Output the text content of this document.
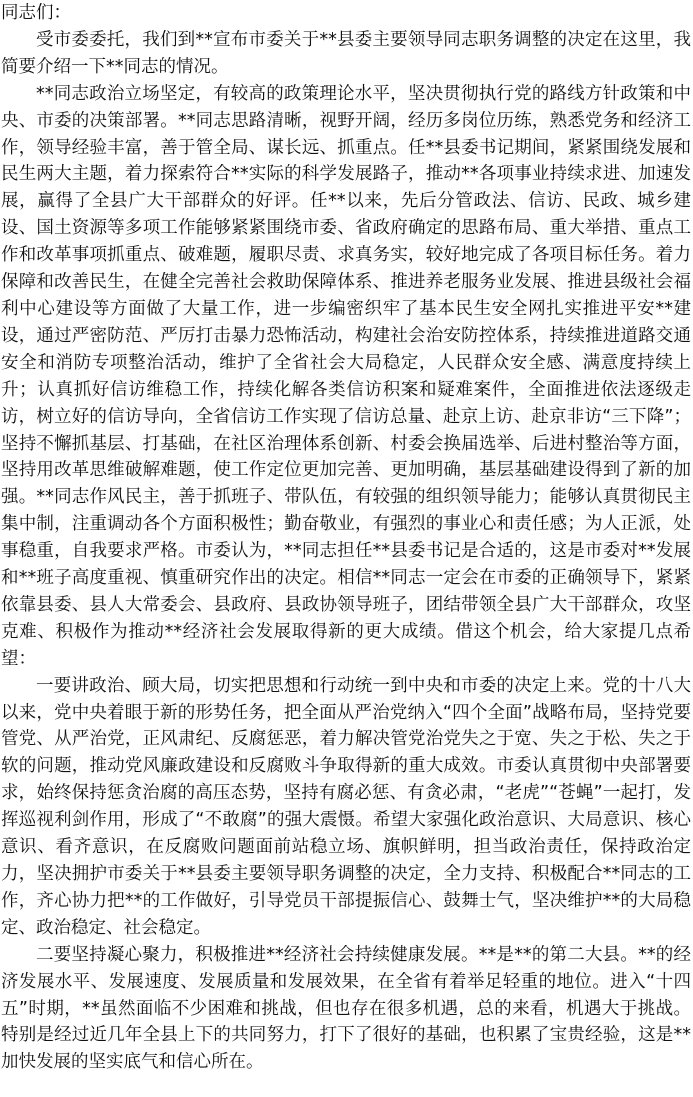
同志们：

受市委委托，我们到**宣布市委关于**县委主要领导同志职务调整的决定在这里，我简要介绍一下**同志的情况。

**同志政治立场坚定，有较高的政策理论水平，坚决贯彻执行党的路线方针政策和中央、市委的决策部署。**同志思路清晰，视野开阔，经历多岗位历练，熟悉党务和经济工作，领导经验丰富，善于管全局、谋长远、抓重点。任**县委书记期间，紧紧围绕发展和民生两大主题，着力探索符合**实际的科学发展路子，推动**各项事业持续求进、加速发展，赢得了全县广大干部群众的好评。任**以来，先后分管政法、信访、民政、城乡建设、国土资源等多项工作能够紧紧围绕市委、省政府确定的思路布局、重大举措、重点工作和改革事项抓重点、破难题，履职尽责、求真务实，较好地完成了各项目标任务。着力保障和改善民生，在健全完善社会救助保障体系、推进养老服务业发展、推进县级社会福利中心建设等方面做了大量工作，进一步编密织牢了基本民生安全网扎实推进平安**建设，通过严密防范、严厉打击暴力恐怖活动，构建社会治安防控体系，持续推进道路交通安全和消防专项整治活动，维护了全省社会大局稳定，人民群众安全感、满意度持续上升；认真抓好信访维稳工作，持续化解各类信访积案和疑难案件，全面推进依法逐级走访，树立好的信访导向，全省信访工作实现了信访总量、赴京上访、赴京非访“三下降”；坚持不懈抓基层、打基础，在社区治理体系创新、村委会换届选举、后进村整治等方面，坚持用改革思维破解难题，使工作定位更加完善、更加明确，基层基础建设得到了新的加强。**同志作风民主，善于抓班子、带队伍，有较强的组织领导能力；能够认真贯彻民主集中制，注重调动各个方面积极性；勤奋敬业，有强烈的事业心和责任感；为人正派，处事稳重，自我要求严格。市委认为，**同志担任**县委书记是合适的，这是市委对**发展和**班子高度重视、慎重研究作出的决定。相信**同志一定会在市委的正确领导下，紧紧依靠县委、县人大常委会、县政府、县政协领导班子，团结带领全县广大干部群众，攻坚克难、积极作为推动**经济社会发展取得新的更大成绩。借这个机会，给大家提几点希望：

一要讲政治、顾大局，切实把思想和行动统一到中央和市委的决定上来。党的十八大以来，党中央着眼于新的形势任务，把全面从严治党纳入“四个全面”战略布局，坚持党要管党、从严治党，正风肃纪、反腐惩恶，着力解决管党治党失之于宽、失之于松、失之于软的问题，推动党风廉政建设和反腐败斗争取得新的重大成效。市委认真贯彻中央部署要求，始终保持惩贪治腐的高压态势，坚持有腐必惩、有贪必肃，“老虎”“苍蝇”一起打，发挥巡视利剑作用，形成了“不敢腐”的强大震慑。希望大家强化政治意识、大局意识、核心意识、看齐意识，在反腐败问题面前站稳立场、旗帜鲜明，担当政治责任，保持政治定力，坚决拥护市委关于**县委主要领导职务调整的决定，全力支持、积极配合**同志的工作，齐心协力把**的工作做好，引导党员干部提振信心、鼓舞士气，坚决维护**的大局稳定、政治稳定、社会稳定。

二要坚持凝心聚力，积极推进**经济社会持续健康发展。**是**的第二大县。**的经济发展水平、发展速度、发展质量和发展效果，在全省有着举足轻重的地位。进入“十四五”时期，**虽然面临不少困难和挑战，但也存在很多机遇，总的来看，机遇大于挑战。特别是经过近几年全县上下的共同努力，打下了很好的基础，也积累了宝贵经验，这是**加快发展的坚实底气和信心所在。
